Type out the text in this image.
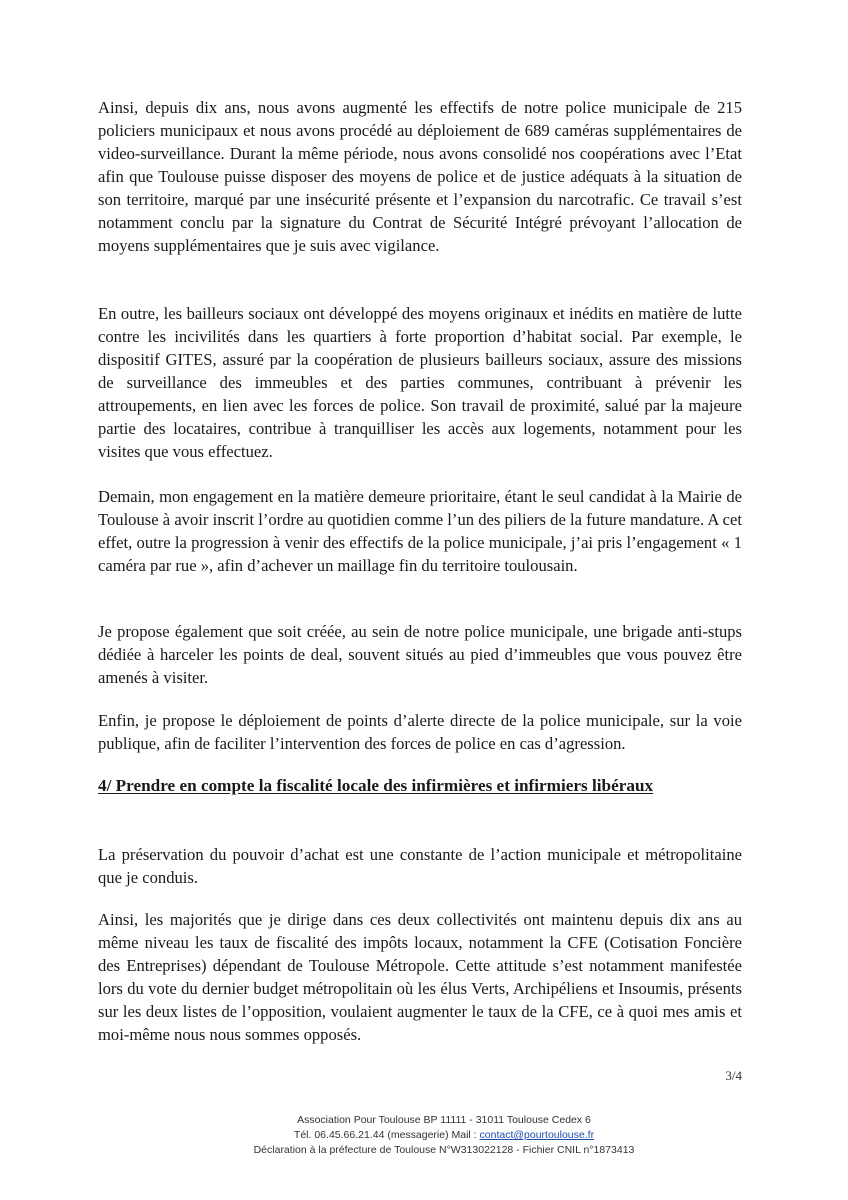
Ainsi, depuis dix ans, nous avons augmenté les effectifs de notre police municipale de 215 policiers municipaux et nous avons procédé au déploiement de 689 caméras supplémentaires de video-surveillance. Durant la même période, nous avons consolidé nos coopérations avec l’Etat afin que Toulouse puisse disposer des moyens de police et de justice adéquats à la situation de son territoire, marqué par une insécurité présente et l’expansion du narcotrafic. Ce travail s’est notamment conclu par la signature du Contrat de Sécurité Intégré prévoyant l’allocation de moyens supplémentaires que je suis avec vigilance.

En outre, les bailleurs sociaux ont développé des moyens originaux et inédits en matière de lutte contre les incivilités dans les quartiers à forte proportion d’habitat social. Par exemple, le dispositif GITES, assuré par la coopération de plusieurs bailleurs sociaux, assure des missions de surveillance des immeubles et des parties communes, contribuant à prévenir les attroupements, en lien avec les forces de police. Son travail de proximité, salué par la majeure partie des locataires, contribue à tranquilliser les accès aux logements, notamment pour les visites que vous effectuez.

Demain, mon engagement en la matière demeure prioritaire, étant le seul candidat à la Mairie de Toulouse à avoir inscrit l’ordre au quotidien comme l’un des piliers de la future mandature. A cet effet, outre la progression à venir des effectifs de la police municipale, j’ai pris l’engagement « 1 caméra par rue », afin d’achever un maillage fin du territoire toulousain.

Je propose également que soit créée, au sein de notre police municipale, une brigade anti-stups dédiée à harceler les points de deal, souvent situés au pied d’immeubles que vous pouvez être amenés à visiter.

Enfin, je propose le déploiement de points d’alerte directe de la police municipale, sur la voie publique, afin de faciliter l’intervention des forces de police en cas d’agression.

4/ Prendre en compte la fiscalité locale des infirmières et infirmiers libéraux

La préservation du pouvoir d’achat est une constante de l’action municipale et métropolitaine que je conduis.

Ainsi, les majorités que je dirige dans ces deux collectivités ont maintenu depuis dix ans au même niveau les taux de fiscalité des impôts locaux, notamment la CFE (Cotisation Foncière des Entreprises) dépendant de Toulouse Métropole. Cette attitude s’est notamment manifestée lors du vote du dernier budget métropolitain où les élus Verts, Archipéliens et Insoumis, présents sur les deux listes de l’opposition, voulaient augmenter le taux de la CFE, ce à quoi mes amis et moi-même nous nous sommes opposés.

3/4
Association Pour Toulouse BP 11111 - 31011 Toulouse Cedex 6
Tél. 06.45.66.21.44 (messagerie) Mail : contact@pourtoulouse.fr
Déclaration à la préfecture de Toulouse N°W313022128 - Fichier CNIL n°1873413
